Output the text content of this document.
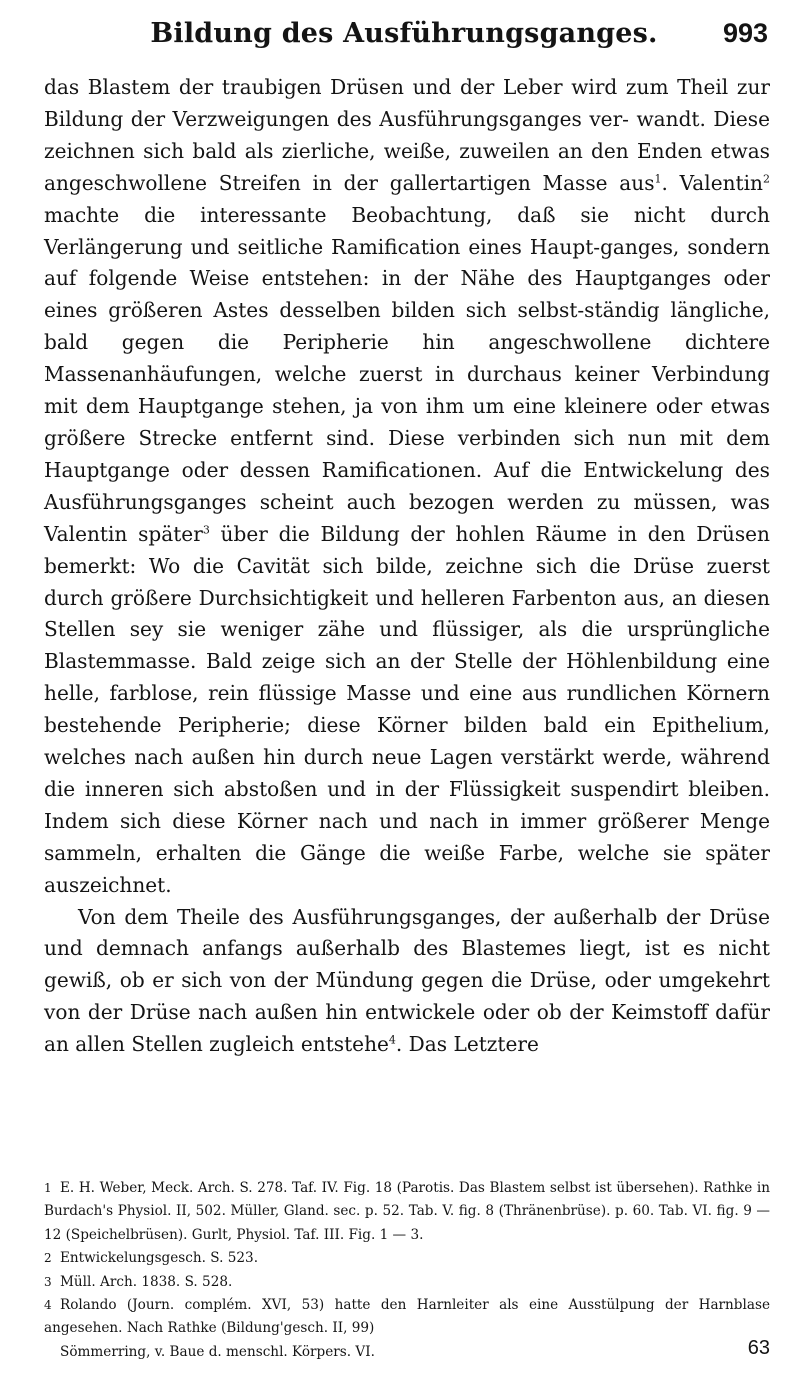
Bildung des Ausführungsganges.	993

das Blastem der traubigen Drüsen und der Leber wird zum Theil zur Bildung der Verzweigungen des Ausführungsganges ver- wandt. Diese zeichnen sich bald als zierliche, weiße, zuweilen an den Enden etwas angeschwollene Streifen in der gallertartigen Masse aus$^1$. Valentin$^2$ machte die interessante Beobachtung, daß sie nicht durch Verlängerung und seitliche Ramification eines Haupt-ganges, sondern auf folgende Weise entstehen: in der Nähe des Hauptganges oder eines größeren Astes desselben bilden sich selbst-ständig längliche, bald gegen die Peripherie hin angeschwollene dichtere Massenanhäufungen, welche zuerst in durchaus keiner Verbindung mit dem Hauptgange stehen, ja von ihm um eine kleinere oder etwas größere Strecke entfernt sind. Diese verbinden sich nun mit dem Hauptgange oder dessen Ramificationen. Auf die Entwickelung des Ausführungsganges scheint auch bezogen werden zu müssen, was Valentin später$^3$ über die Bildung der hohlen Räume in den Drüsen bemerkt: Wo die Cavität sich bilde, zeichne sich die Drüse zuerst durch größere Durchsichtigkeit und helleren Farbenton aus, an diesen Stellen sey sie weniger zähe und flüssiger, als die ursprüngliche Blastemmasse. Bald zeige sich an der Stelle der Höhlenbildung eine helle, farblose, rein flüssige Masse und eine aus rundlichen Körnern bestehende Peripherie; diese Körner bilden bald ein Epithelium, welches nach außen hin durch neue Lagen verstärkt werde, während die inneren sich abstoßen und in der Flüssigkeit suspendirt bleiben. Indem sich diese Körner nach und nach in immer größerer Menge sammeln, erhalten die Gänge die weiße Farbe, welche sie später auszeichnet.

Von dem Theile des Ausführungsganges, der außerhalb der Drüse und demnach anfangs außerhalb des Blastemes liegt, ist es nicht gewiß, ob er sich von der Mündung gegen die Drüse, oder umgekehrt von der Drüse nach außen hin entwickele oder ob der Keimstoff dafür an allen Stellen zugleich entstehe$^4$. Das Letztere

1 E. H. Weber, Meck. Arch. S. 278. Taf. IV. Fig. 18 (Parotis. Das Blastem selbst ist übersehen). Rathke in Burdach's Physiol. II, 502. Müller, Gland. sec. p. 52. Tab. V. fig. 8 (Thränenbrüse). p. 60. Tab. VI. fig. 9 — 12 (Speichelbrüsen). Gurlt, Physiol. Taf. III. Fig. 1 — 3.

2 Entwickelungsgesch. S. 523.

3 Müll. Arch. 1838. S. 528.

4 Rolando (Journ. complém. XVI, 53) hatte den Harnleiter als eine Ausstülpung der Harnblase angesehen. Nach Rathke (Bildung'gesch. II, 99)

Sömmerring, v. Baue d. menschl. Körpers. VI.	63
